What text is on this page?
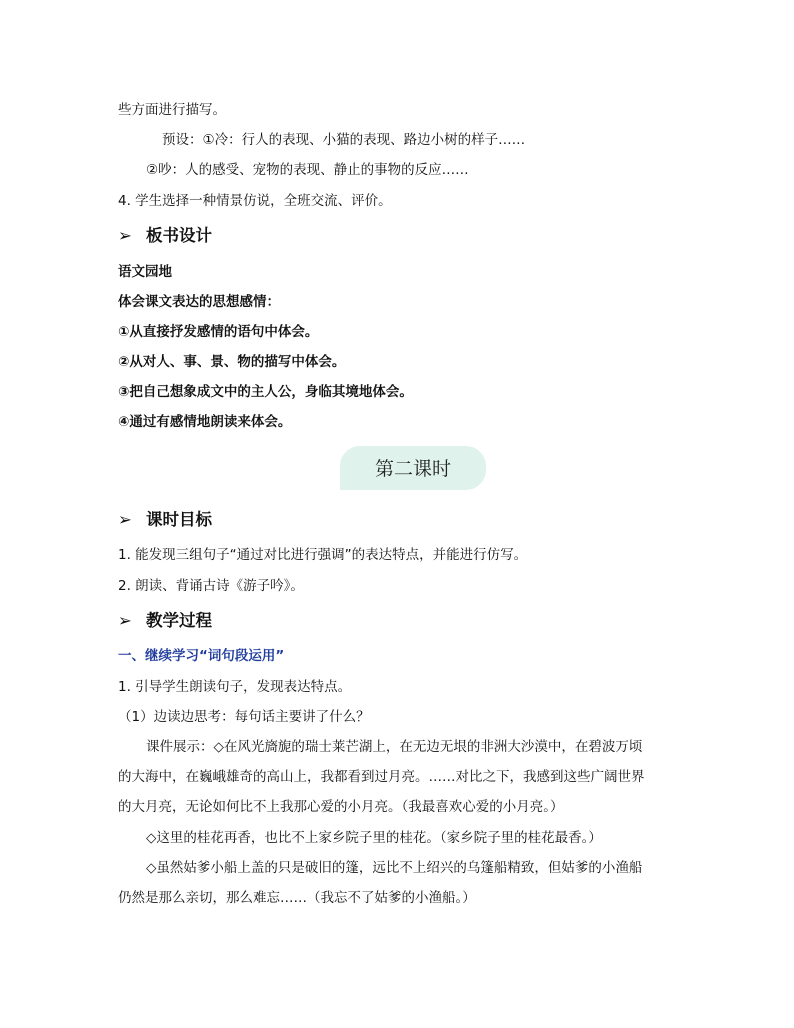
些方面进行描写。
预设：①冷：行人的表现、小猫的表现、路边小树的样子……
②吵：人的感受、宠物的表现、静止的事物的反应……
4. 学生选择一种情景仿说，全班交流、评价。
➢ 板书设计
语文园地
体会课文表达的思想感情：
①从直接抒发感情的语句中体会。
②从对人、事、景、物的描写中体会。
③把自己想象成文中的主人公，身临其境地体会。
④通过有感情地朗读来体会。
第二课时
➢ 课时目标
1. 能发现三组句子“通过对比进行强调”的表达特点，并能进行仿写。
2. 朗读、背诵古诗《游子吟》。
➢ 教学过程
一、继续学习“词句段运用”
1. 引导学生朗读句子，发现表达特点。
（1）边读边思考：每句话主要讲了什么？
课件展示：◇在风光旖旎的瑞士莱芒湖上，在无边无垠的非洲大沙漠中，在碧波万顷
的大海中，在巍峨雄奇的高山上，我都看到过月亮。……对比之下，我感到这些广阔世界
的大月亮，无论如何比不上我那心爱的小月亮。（我最喜欢心爱的小月亮。）
◇这里的桂花再香，也比不上家乡院子里的桂花。（家乡院子里的桂花最香。）
◇虽然姑爹小船上盖的只是破旧的篷，远比不上绍兴的乌篷船精致，但姑爹的小渔船
仍然是那么亲切，那么难忘……（我忘不了姑爹的小渔船。）
